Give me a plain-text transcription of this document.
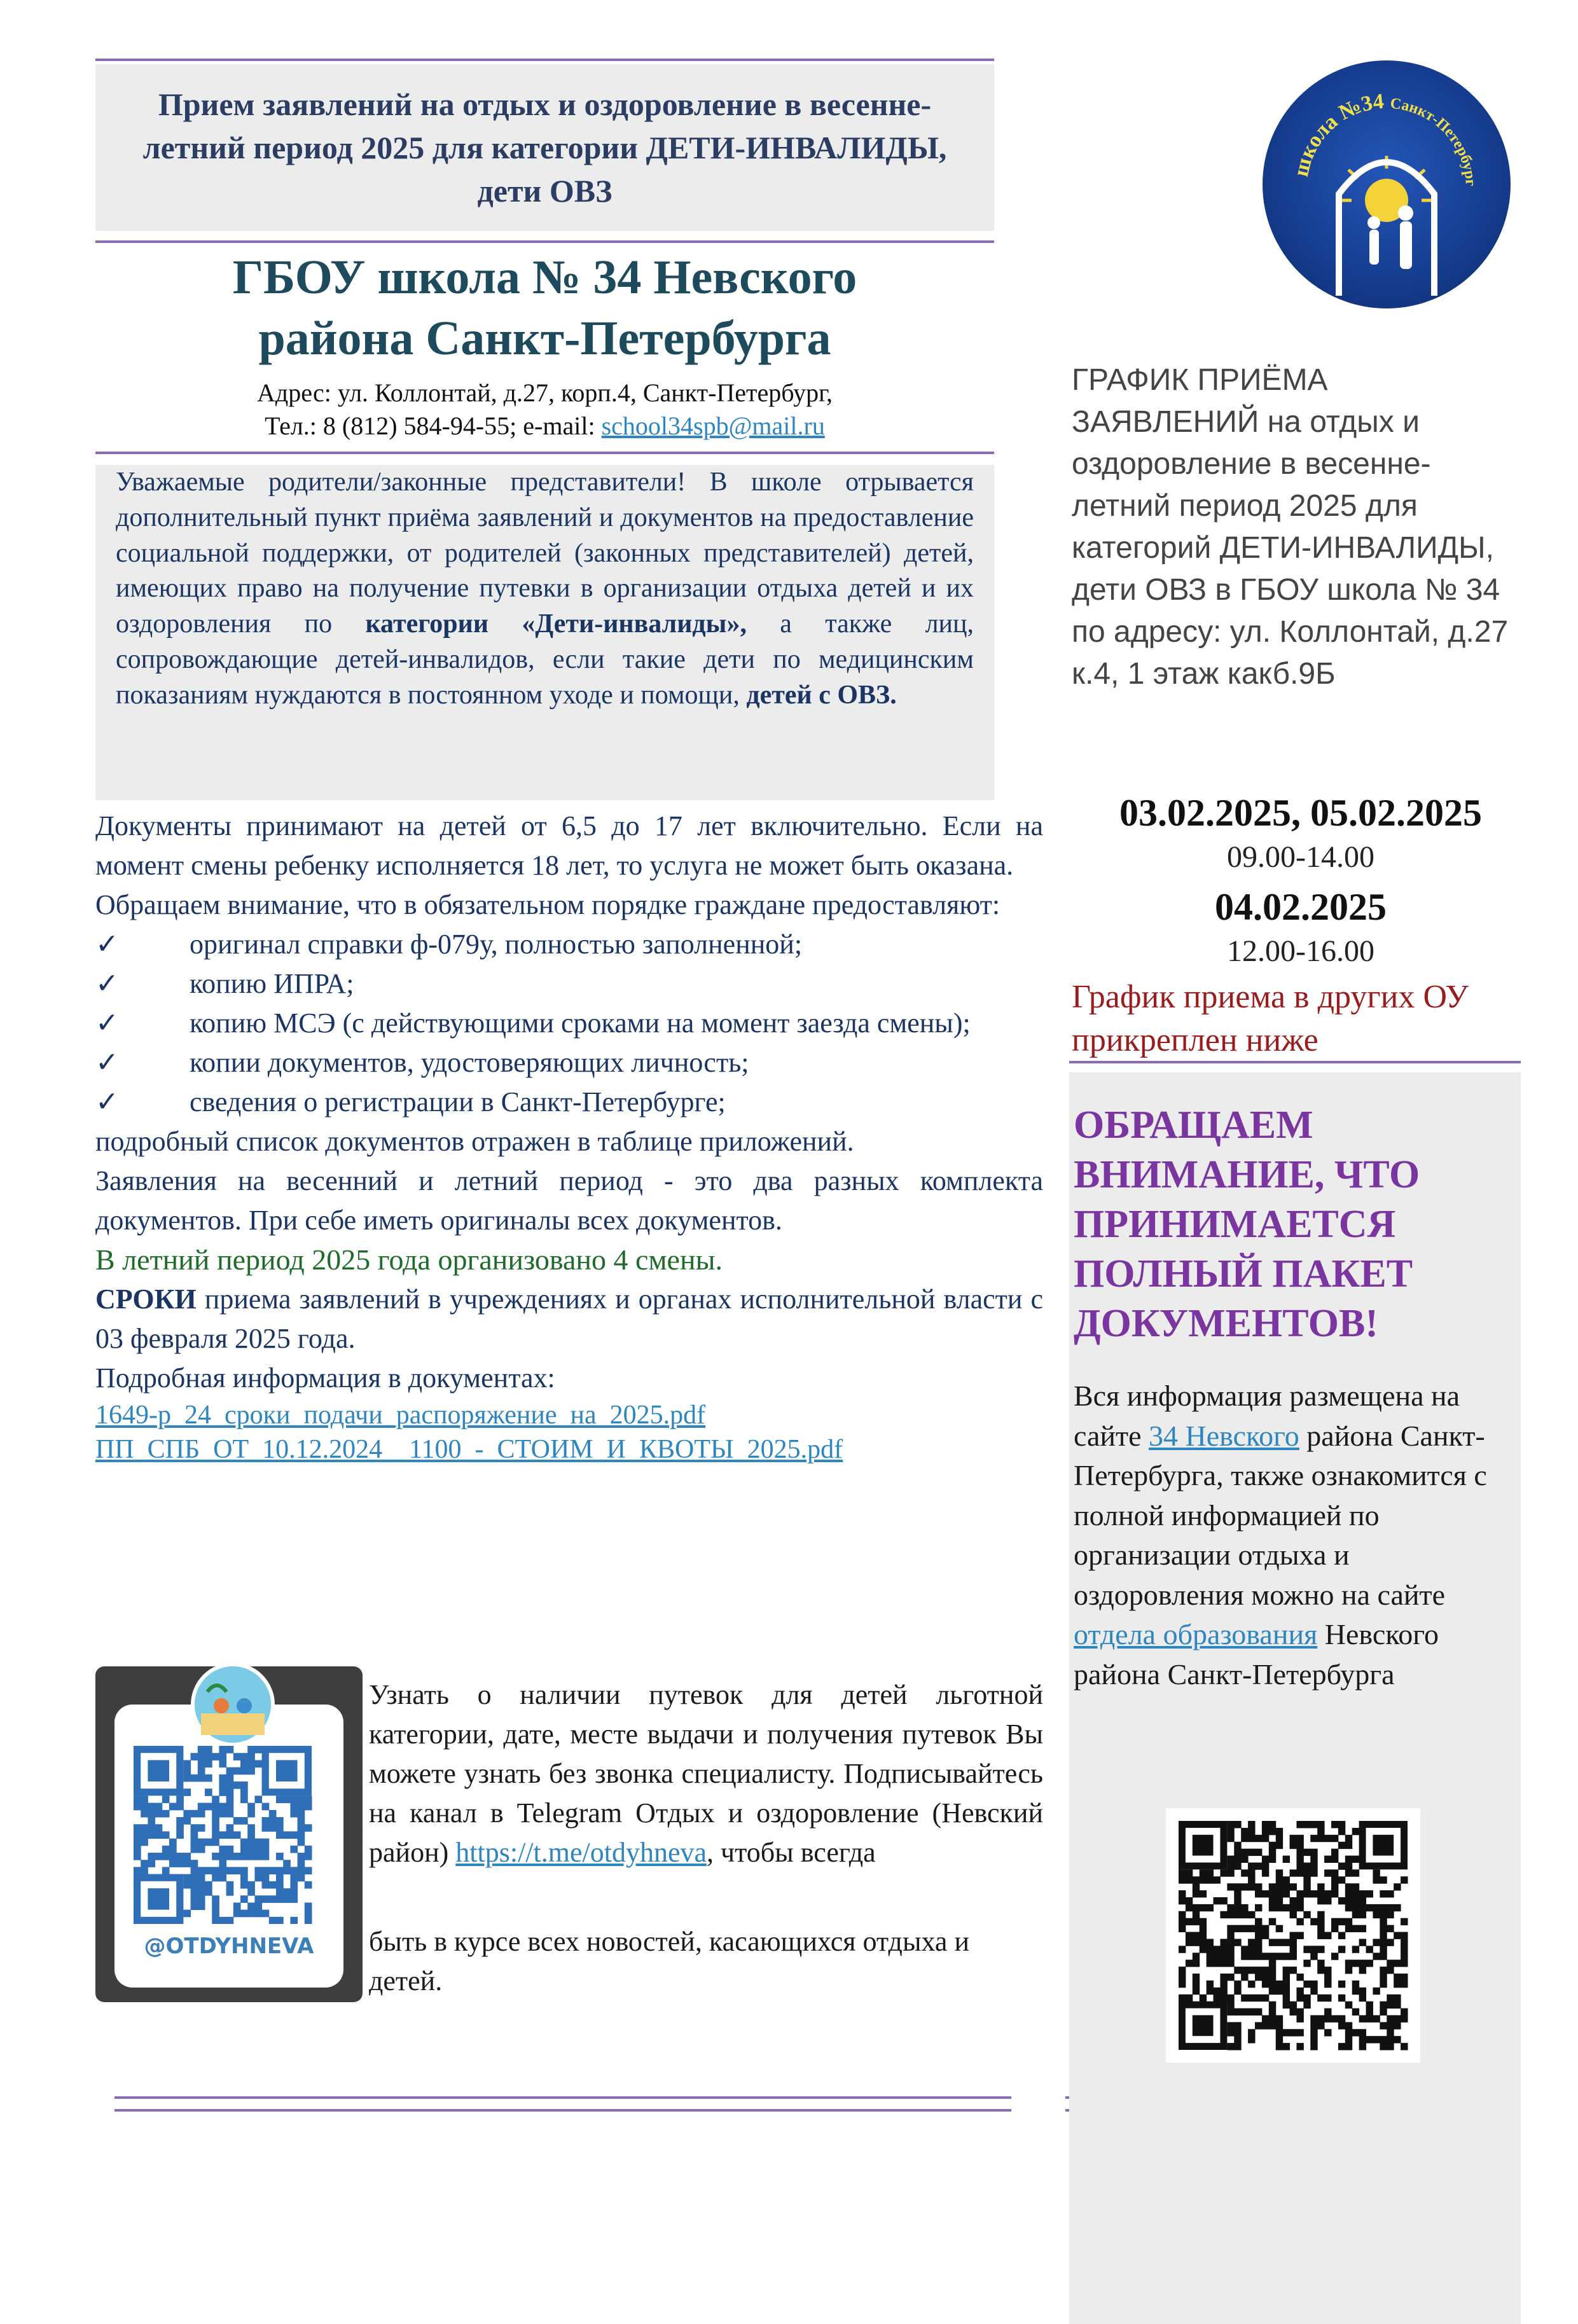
Прием заявлений на отдых и оздоровление в весенне-летний период 2025 для категории ДЕТИ-ИНВАЛИДЫ, дети ОВЗ
ГБОУ школа № 34 Невского
района Санкт-Петербурга
Адрес: ул. Коллонтай, д.27, корп.4, Санкт-Петербург,
Тел.: 8 (812) 584-94-55; e-mail: school34spb@mail.ru
Уважаемые родители/законные представители! В школе отрывается дополнительный пункт приёма заявлений и документов на предоставление социальной поддержки, от родителей (законных представителей) детей, имеющих право на получение путевки в организации отдыха детей и их оздоровления по категории «Дети-инвалиды», а также лиц, сопровождающие детей-инвалидов, если такие дети по медицинским показаниям нуждаются в постоянном уходе и помощи, детей с ОВЗ.

Документы принимают на детей от 6,5 до 17 лет включительно. Если на момент смены ребенку исполняется 18 лет, то услуга не может быть оказана.

Обращаем внимание, что в обязательном порядке граждане предоставляют:

✓	оригинал справки ф-079у, полностью заполненной;
✓	копию ИПРА;
✓	копию МСЭ (с действующими сроками на момент заезда смены);
✓	копии документов, удостоверяющих личность;
✓	сведения о регистрации в Санкт-Петербурге;

подробный список документов отражен в таблице приложений.

Заявления на весенний и летний период - это два разных комплекта документов. При себе иметь оригиналы всех документов.

В летний период 2025 года организовано 4 смены.

СРОКИ приема заявлений в учреждениях и органах исполнительной власти с 03 февраля 2025 года.

Подробная информация в документах:

1649-р_24_сроки_подачи_распоряжение_на_2025.pdf
ПП_СПБ_ОТ_10.12.2024__1100_-_СТОИМ_И_КВОТЫ_2025.pdf
@OTDYHNEVA
Узнать о наличии путевок для детей льготной категории, дате, месте выдачи и получения путевок Вы можете узнать без звонка специалисту. Подписывайтесь на канал в Telegram Отдых и оздоровление (Невский район) https://t.me/otdyhneva, чтобы всегда
быть в курсе всех новостей, касающихся отдыха и
детей.
школа №34 Санкт-Петербург
ГРАФИК ПРИЁМА ЗАЯВЛЕНИЙ на отдых и оздоровление в весенне-летний период 2025 для категорий ДЕТИ-ИНВАЛИДЫ, дети ОВЗ в ГБОУ школа № 34 по адресу: ул. Коллонтай, д.27 к.4, 1 этаж какб.9Б
03.02.2025, 05.02.2025
09.00-14.00
04.02.2025
12.00-16.00
График приема в других ОУ прикреплен ниже
ОБРАЩАЕМ ВНИМАНИЕ, ЧТО ПРИНИМАЕТСЯ ПОЛНЫЙ ПАКЕТ ДОКУМЕНТОВ!
Вся информация размещена на сайте 34 Невского района Санкт-Петербурга, также ознакомится с полной информацией по организации отдыха и оздоровления можно на сайте отдела образования Невского района Санкт-Петербурга
